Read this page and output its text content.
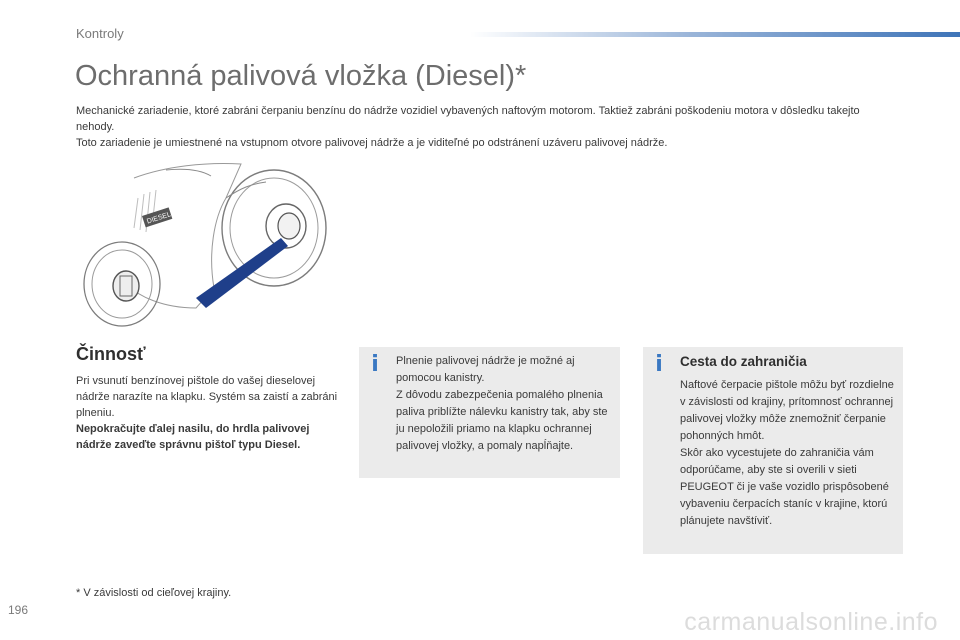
Kontroly
Ochranná palivová vložka (Diesel)*

Mechanické zariadenie, ktoré zabráni čerpaniu benzínu do nádrže vozidiel vybavených naftovým motorom. Taktiež zabráni poškodeniu motora v dôsledku takejto nehody.

Toto zariadenie je umiestnené na vstupnom otvore palivovej nádrže a je viditeľné po odstránení uzáveru palivovej nádrže.

DIESEL
Činnosť

Pri vsunutí benzínovej pištole do vašej dieselovej nádrže narazíte na klapku. Systém sa zaistí a zabráni plneniu.

Nepokračujte ďalej nasilu, do hrdla palivovej nádrže zaveďte správnu pištoľ typu Diesel.

i Plnenie palivovej nádrže je možné aj pomocou kanistry.
Z dôvodu zabezpečenia pomalého plnenia paliva priblížte nálevku kanistry tak, aby ste ju nepoložili priamo na klapku ochrannej palivovej vložky, a pomaly napĺňajte.

i Cesta do zahraničia

Naftové čerpacie pištole môžu byť rozdielne v závislosti od krajiny, prítomnosť ochrannej palivovej vložky môže znemožniť čerpanie pohonných hmôt.

Skôr ako vycestujete do zahraničia vám odporúčame, aby ste si overili v sieti PEUGEOT či je vaše vozidlo prispôsobené vybaveniu čerpacích staníc v krajine, ktorú plánujete navštíviť.

* V závislosti od cieľovej krajiny.
196	carmanualsonline.info
